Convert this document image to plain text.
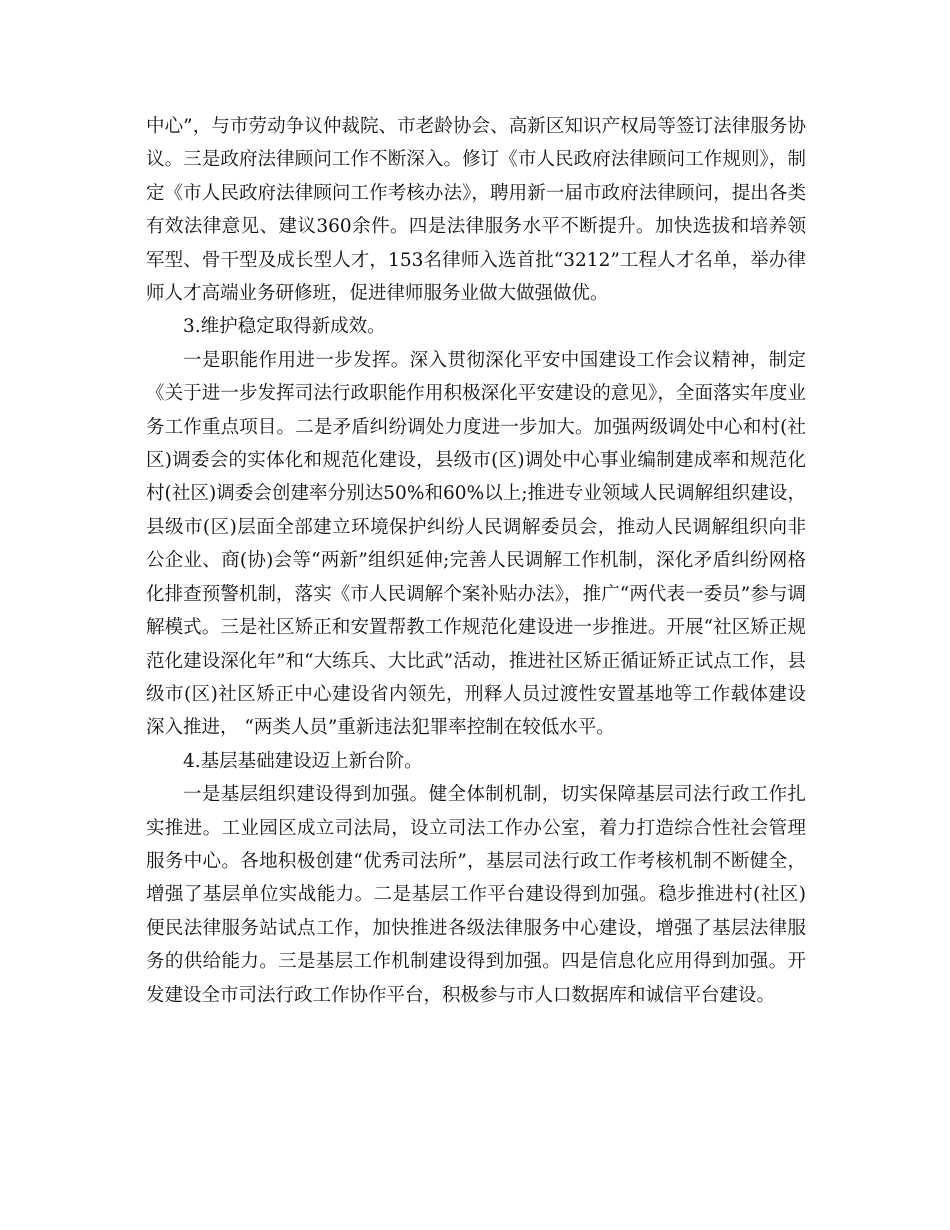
中心”，与市劳动争议仲裁院、市老龄协会、高新区知识产权局等签订法律服务协议。三是政府法律顾问工作不断深入。修订《市人民政府法律顾问工作规则》，制定《市人民政府法律顾问工作考核办法》，聘用新一届市政府法律顾问，提出各类有效法律意见、建议360余件。四是法律服务水平不断提升。加快选拔和培养领军型、骨干型及成长型人才，153名律师入选首批“3212”工程人才名单，举办律师人才高端业务研修班，促进律师服务业做大做强做优。

3.维护稳定取得新成效。

一是职能作用进一步发挥。深入贯彻深化平安中国建设工作会议精神，制定《关于进一步发挥司法行政职能作用积极深化平安建设的意见》，全面落实年度业务工作重点项目。二是矛盾纠纷调处力度进一步加大。加强两级调处中心和村(社区)调委会的实体化和规范化建设，县级市(区)调处中心事业编制建成率和规范化村(社区)调委会创建率分别达50%和60%以上;推进专业领域人民调解组织建设，县级市(区)层面全部建立环境保护纠纷人民调解委员会，推动人民调解组织向非公企业、商(协)会等“两新”组织延伸;完善人民调解工作机制，深化矛盾纠纷网格化排查预警机制，落实《市人民调解个案补贴办法》，推广“两代表一委员”参与调解模式。三是社区矫正和安置帮教工作规范化建设进一步推进。开展“社区矫正规范化建设深化年”和“大练兵、大比武”活动，推进社区矫正循证矫正试点工作，县级市(区)社区矫正中心建设省内领先，刑释人员过渡性安置基地等工作载体建设深入推进， “两类人员”重新违法犯罪率控制在较低水平。

4.基层基础建设迈上新台阶。

一是基层组织建设得到加强。健全体制机制，切实保障基层司法行政工作扎实推进。工业园区成立司法局，设立司法工作办公室，着力打造综合性社会管理服务中心。各地积极创建“优秀司法所”，基层司法行政工作考核机制不断健全，增强了基层单位实战能力。二是基层工作平台建设得到加强。稳步推进村(社区)便民法律服务站试点工作，加快推进各级法律服务中心建设，增强了基层法律服务的供给能力。三是基层工作机制建设得到加强。四是信息化应用得到加强。开发建设全市司法行政工作协作平台，积极参与市人口数据库和诚信平台建设。
